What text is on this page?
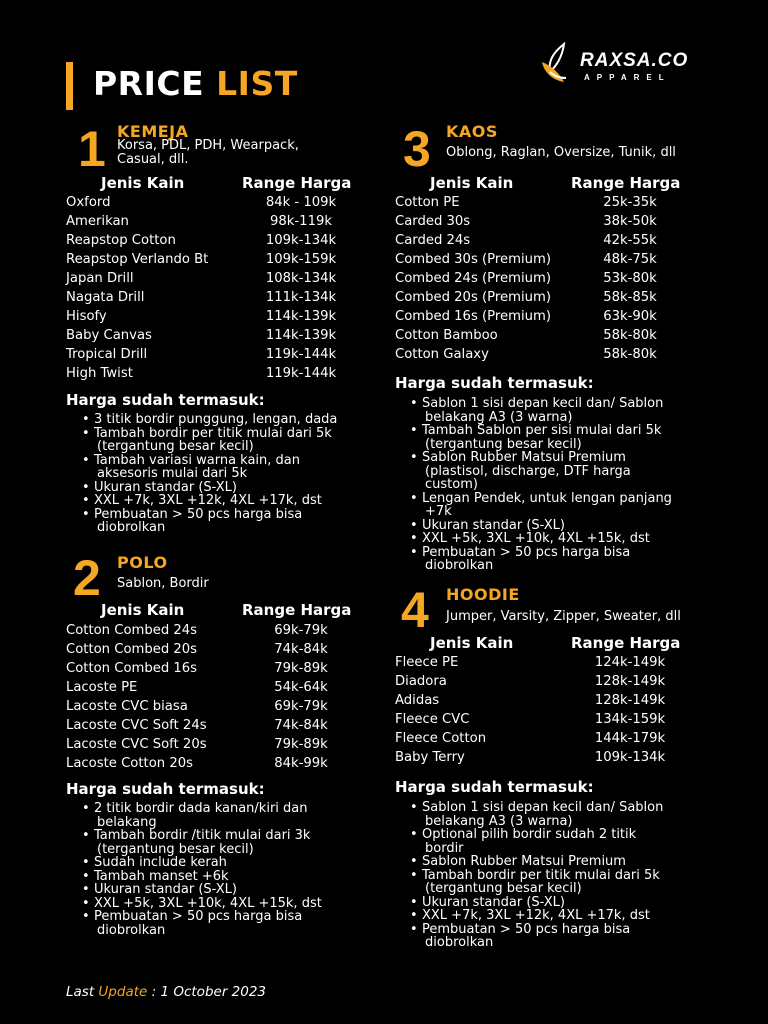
PRICE LIST
RAXSA.CO
APPAREL
1 KEMEJA
Korsa, PDL, PDH, Wearpack,
Casual, dll.
Jenis Kain	Range Harga
Oxford	84k - 109k
Amerikan	98k-119k
Reapstop Cotton	109k-134k
Reapstop Verlando Bt	109k-159k
Japan Drill	108k-134k
Nagata Drill	111k-134k
Hisofy	114k-139k
Baby Canvas	114k-139k
Tropical Drill	119k-144k
High Twist	119k-144k
Harga sudah termasuk:
• 3 titik bordir punggung, lengan, dada
• Tambah bordir per titik mulai dari 5k
(tergantung besar kecil)
• Tambah variasi warna kain, dan
aksesoris mulai dari 5k
• Ukuran standar (S-XL)
• XXL +7k, 3XL +12k, 4XL +17k, dst
• Pembuatan > 50 pcs harga bisa
diobrolkan
2 POLO
Sablon, Bordir
Jenis Kain	Range Harga
Cotton Combed 24s	69k-79k
Cotton Combed 20s	74k-84k
Cotton Combed 16s	79k-89k
Lacoste PE	54k-64k
Lacoste CVC biasa	69k-79k
Lacoste CVC Soft 24s	74k-84k
Lacoste CVC Soft 20s	79k-89k
Lacoste Cotton 20s	84k-99k
Harga sudah termasuk:
• 2 titik bordir dada kanan/kiri dan
belakang
• Tambah bordir /titik mulai dari 3k
(tergantung besar kecil)
• Sudah include kerah
• Tambah manset +6k
• Ukuran standar (S-XL)
• XXL +5k, 3XL +10k, 4XL +15k, dst
• Pembuatan > 50 pcs harga bisa
diobrolkan
3 KAOS
Oblong, Raglan, Oversize, Tunik, dll
Jenis Kain	Range Harga
Cotton PE	25k-35k
Carded 30s	38k-50k
Carded 24s	42k-55k
Combed 30s (Premium)	48k-75k
Combed 24s (Premium)	53k-80k
Combed 20s (Premium)	58k-85k
Combed 16s (Premium)	63k-90k
Cotton Bamboo	58k-80k
Cotton Galaxy	58k-80k
Harga sudah termasuk:
• Sablon 1 sisi depan kecil dan/ Sablon
belakang A3 (3 warna)
• Tambah Sablon per sisi mulai dari 5k
(tergantung besar kecil)
• Sablon Rubber Matsui Premium
(plastisol, discharge, DTF harga
custom)
• Lengan Pendek, untuk lengan panjang
+7k
• Ukuran standar (S-XL)
• XXL +5k, 3XL +10k, 4XL +15k, dst
• Pembuatan > 50 pcs harga bisa
diobrolkan
4 HOODIE
Jumper, Varsity, Zipper, Sweater, dll
Jenis Kain	Range Harga
Fleece PE	124k-149k
Diadora	128k-149k
Adidas	128k-149k
Fleece CVC	134k-159k
Fleece Cotton	144k-179k
Baby Terry	109k-134k
Harga sudah termasuk:
• Sablon 1 sisi depan kecil dan/ Sablon
belakang A3 (3 warna)
• Optional pilih bordir sudah 2 titik
bordir
• Sablon Rubber Matsui Premium
• Tambah bordir per titik mulai dari 5k
(tergantung besar kecil)
• Ukuran standar (S-XL)
• XXL +7k, 3XL +12k, 4XL +17k, dst
• Pembuatan > 50 pcs harga bisa
diobrolkan
Last Update : 1 October 2023
